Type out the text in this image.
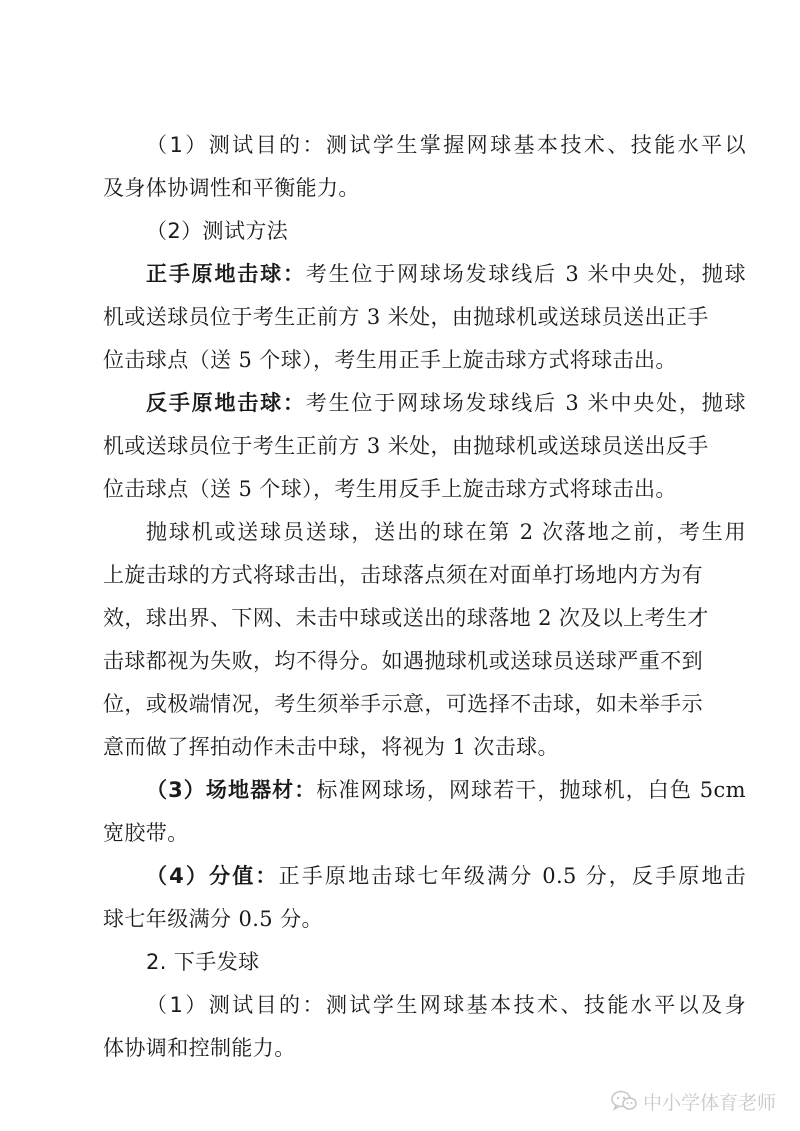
（1）测试目的：测试学生掌握网球基本技术、技能水平以
及身体协调性和平衡能力。
（2）测试方法
正手原地击球：考生位于网球场发球线后 3 米中央处，抛球
机或送球员位于考生正前方 3 米处，由抛球机或送球员送出正手
位击球点（送 5 个球），考生用正手上旋击球方式将球击出。
反手原地击球：考生位于网球场发球线后 3 米中央处，抛球
机或送球员位于考生正前方 3 米处，由抛球机或送球员送出反手
位击球点（送 5 个球），考生用反手上旋击球方式将球击出。
抛球机或送球员送球，送出的球在第 2 次落地之前，考生用
上旋击球的方式将球击出，击球落点须在对面单打场地内方为有
效，球出界、下网、未击中球或送出的球落地 2 次及以上考生才
击球都视为失败，均不得分。如遇抛球机或送球员送球严重不到
位，或极端情况，考生须举手示意，可选择不击球，如未举手示
意而做了挥拍动作未击中球，将视为 1 次击球。
（3）场地器材：标准网球场，网球若干，抛球机，白色 5cm
宽胶带。
（4）分值：正手原地击球七年级满分 0.5 分，反手原地击
球七年级满分 0.5 分。
2. 下手发球
（1）测试目的：测试学生网球基本技术、技能水平以及身
体协调和控制能力。
中小学体育老师
